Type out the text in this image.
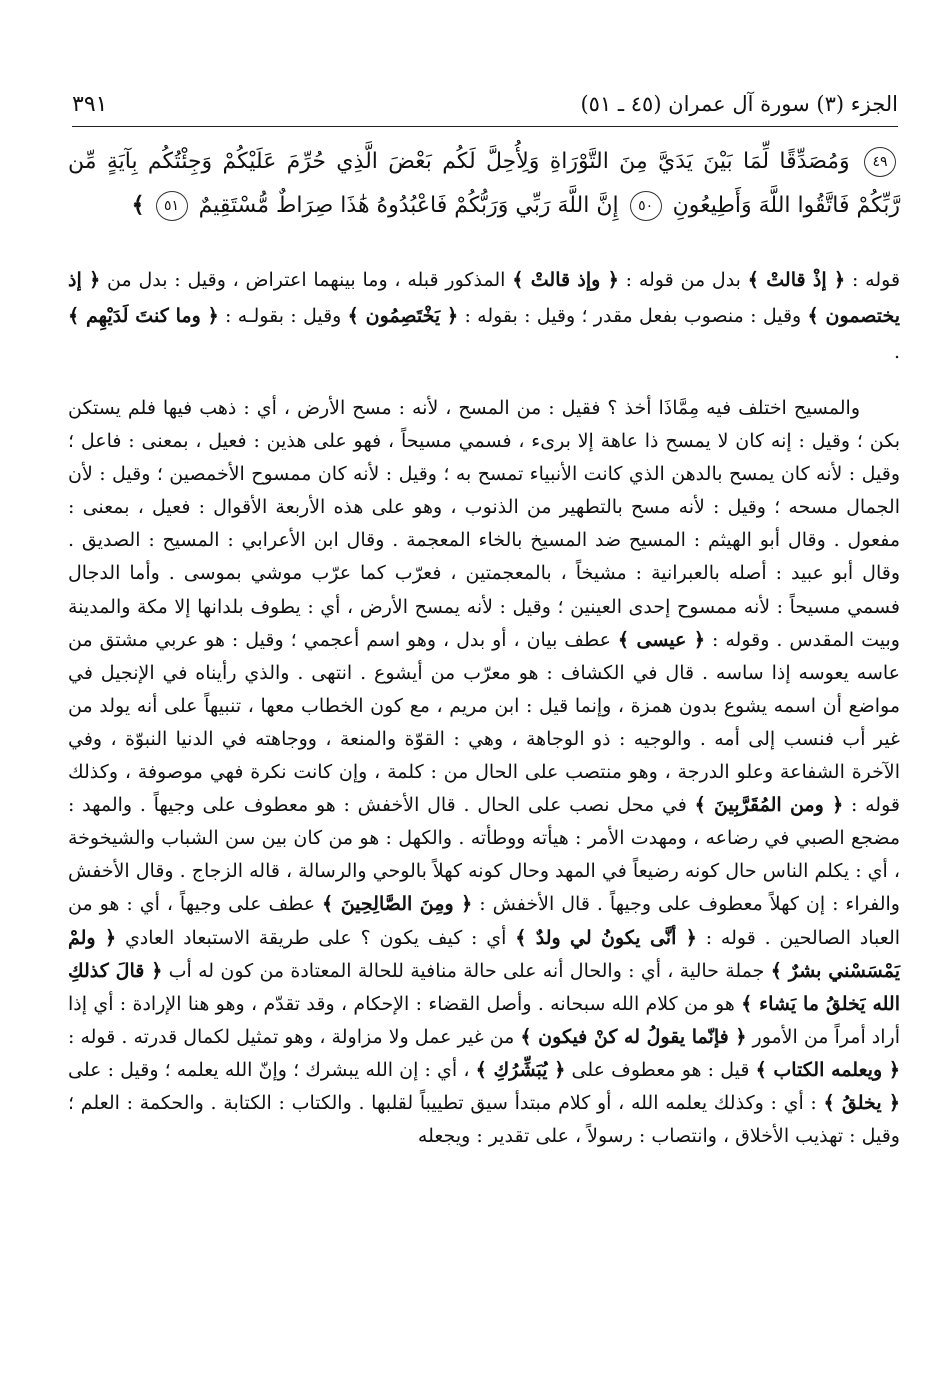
الجزء (٣) سورة آل عمران (٤٥ ـ ٥١)
٣٩١
٤٩ وَمُصَدِّقًا لِّمَا بَيْنَ يَدَيَّ مِنَ التَّوْرَاةِ وَلِأُحِلَّ لَكُم بَعْضَ الَّذِي حُرِّمَ عَلَيْكُمْ وَجِئْتُكُم بِآيَةٍ مِّن رَّبِّكُمْ فَاتَّقُوا اللَّهَ وَأَطِيعُونِ ٥٠ إِنَّ اللَّهَ رَبِّي وَرَبُّكُمْ فَاعْبُدُوهُ هَٰذَا صِرَاطٌ مُّسْتَقِيمٌ ٥١ ﴾
قوله : ﴿ إذْ قالتْ ﴾ بدل من قوله : ﴿ وإذ قالتْ ﴾ المذكور قبله ، وما بينهما اعتراض ، وقيل : بدل من ﴿ إذ يختصمون ﴾ وقيل : منصوب بفعل مقدر ؛ وقيل : بقوله : ﴿ يَخْتَصِمُون ﴾ وقيل : بقولـه : ﴿ وما كنتَ لَدَيْهِم ﴾ .
والمسيح اختلف فيه مِمَّاذَا أخذ ؟ فقيل : من المسح ، لأنه : مسح الأرض ، أي : ذهب فيها فلم يستكن بكن ؛ وقيل : إنه كان لا يمسح ذا عاهة إلا برىء ، فسمي مسيحاً ، فهو على هذين : فعيل ، بمعنى : فاعل ؛ وقيل : لأنه كان يمسح بالدهن الذي كانت الأنبياء تمسح به ؛ وقيل : لأنه كان ممسوح الأخمصين ؛ وقيل : لأن الجمال مسحه ؛ وقيل : لأنه مسح بالتطهير من الذنوب ، وهو على هذه الأربعة الأقوال : فعيل ، بمعنى : مفعول . وقال أبو الهيثم : المسيح ضد المسيخ بالخاء المعجمة . وقال ابن الأعرابي : المسيح : الصديق . وقال أبو عبيد : أصله بالعبرانية : مشيخاً ، بالمعجمتين ، فعرّب كما عرّب موشي بموسى . وأما الدجال فسمي مسيحاً : لأنه ممسوح إحدى العينين ؛ وقيل : لأنه يمسح الأرض ، أي : يطوف بلدانها إلا مكة والمدينة وبيت المقدس . وقوله : ﴿ عيسى ﴾ عطف بيان ، أو بدل ، وهو اسم أعجمي ؛ وقيل : هو عربي مشتق من عاسه يعوسه إذا ساسه . قال في الكشاف : هو معرّب من أيشوع . انتهى . والذي رأيناه في الإنجيل في مواضع أن اسمه يشوع بدون همزة ، وإنما قيل : ابن مريم ، مع كون الخطاب معها ، تنبيهاً على أنه يولد من غير أب فنسب إلى أمه . والوجيه : ذو الوجاهة ، وهي : القوّة والمنعة ، ووجاهته في الدنيا النبوّة ، وفي الآخرة الشفاعة وعلو الدرجة ، وهو منتصب على الحال من : كلمة ، وإن كانت نكرة فهي موصوفة ، وكذلك قوله : ﴿ ومن المُقَرَّبِينَ ﴾ في محل نصب على الحال . قال الأخفش : هو معطوف على وجيهاً . والمهد : مضجع الصبي في رضاعه ، ومهدت الأمر : هيأته ووطأته . والكهل : هو من كان بين سن الشباب والشيخوخة ، أي : يكلم الناس حال كونه رضيعاً في المهد وحال كونه كهلاً بالوحي والرسالة ، قاله الزجاج . وقال الأخفش والفراء : إن كهلاً معطوف على وجيهاً . قال الأخفش : ﴿ ومِنَ الصَّالِحِينَ ﴾ عطف على وجيهاً ، أي : هو من العباد الصالحين . قوله : ﴿ أنَّى يكونُ لي ولدٌ ﴾ أي : كيف يكون ؟ على طريقة الاستبعاد العادي ﴿ ولمْ يَمْسَسْني بشرٌ ﴾ جملة حالية ، أي : والحال أنه على حالة منافية للحالة المعتادة من كون له أب ﴿ قالَ كذلكِ الله يَخلقُ ما يَشاء ﴾ هو من كلام الله سبحانه . وأصل القضاء : الإحكام ، وقد تقدّم ، وهو هنا الإرادة : أي إذا أراد أمراً من الأمور ﴿ فإنّما يقولُ له كنْ فيكون ﴾ من غير عمل ولا مزاولة ، وهو تمثيل لكمال قدرته . قوله : ﴿ ويعلمه الكتاب ﴾ قيل : هو معطوف على ﴿ يُبَشِّرُكِ ﴾ ، أي : إن الله يبشرك ؛ وإنّ الله يعلمه ؛ وقيل : على ﴿ يخلقُ ﴾ : أي : وكذلك يعلمه الله ، أو كلام مبتدأ سيق تطييباً لقلبها . والكتاب : الكتابة . والحكمة : العلم ؛ وقيل : تهذيب الأخلاق ، وانتصاب : رسولاً ، على تقدير : ويجعله
